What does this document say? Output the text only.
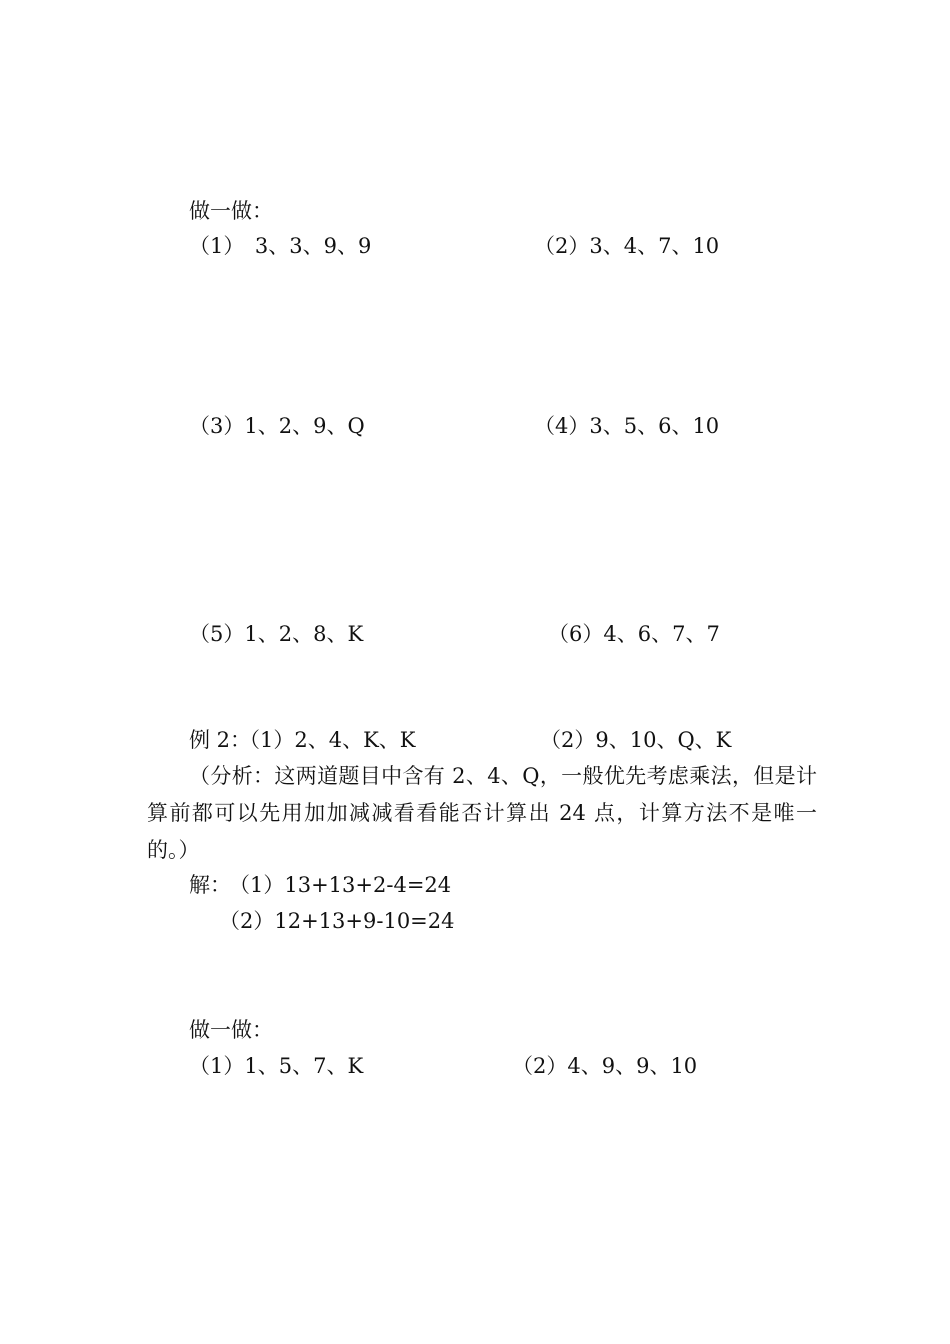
做一做：
（1）　3、3、9、9	（2）3、4、7、10
（3）1、2、9、Q	（4）3、5、6、10
（5）1、2、8、K	（6）4、6、7、7
例 2：
（1）2、4、K、K	（2）9、10、Q、K
（分析：这两道题目中含有 2、4、Q，一般优先考虑乘法，但是计算前都可以先用加加减减看看能否计算出 24 点，计算方法不是唯一的。）
解：
（1）13+13+2-4=24
（2）12+13+9-10=24
做一做：
（1）1、5、7、K	（2）4、9、9、10
